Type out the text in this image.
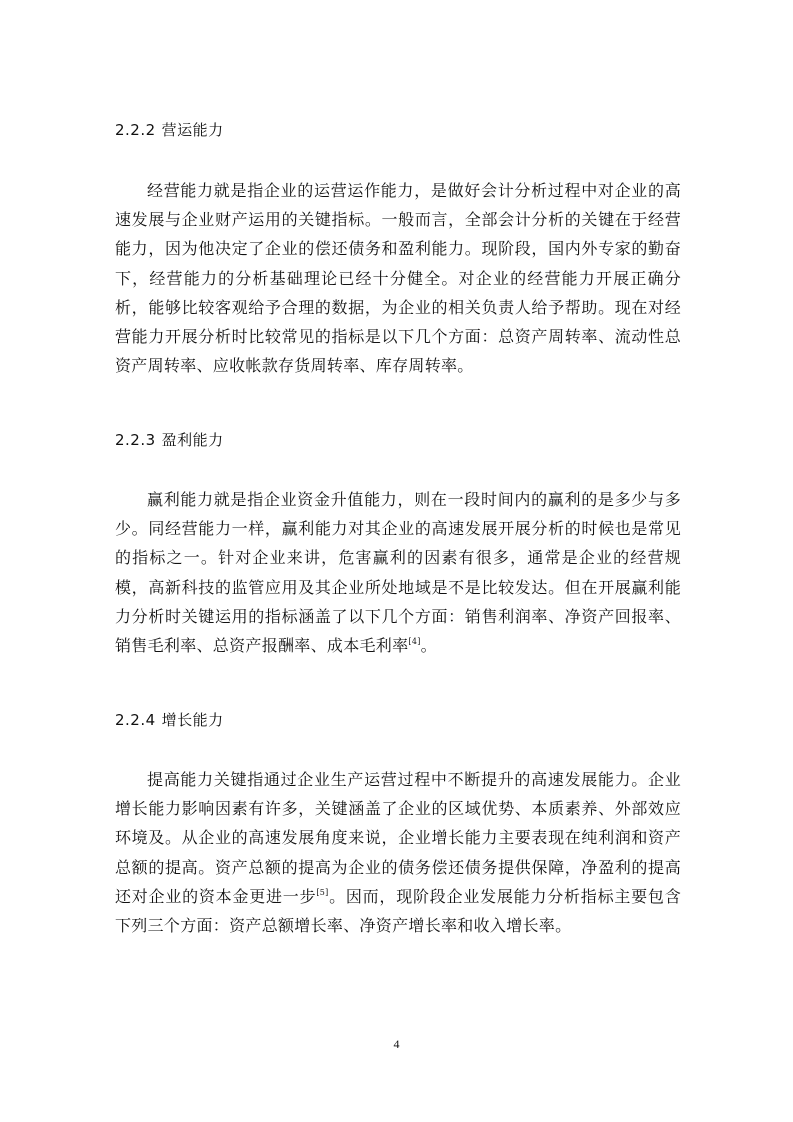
2.2.2 营运能力

经营能力就是指企业的运营运作能力，是做好会计分析过程中对企业的高速发展与企业财产运用的关键指标。一般而言，全部会计分析的关键在于经营能力，因为他决定了企业的偿还债务和盈利能力。现阶段，国内外专家的勤奋下，经营能力的分析基础理论已经十分健全。对企业的经营能力开展正确分析，能够比较客观给予合理的数据，为企业的相关负责人给予帮助。现在对经营能力开展分析时比较常见的指标是以下几个方面：总资产周转率、流动性总资产周转率、应收帐款存货周转率、库存周转率。

2.2.3 盈利能力

赢利能力就是指企业资金升值能力，则在一段时间内的赢利的是多少与多少。同经营能力一样，赢利能力对其企业的高速发展开展分析的时候也是常见的指标之一。针对企业来讲，危害赢利的因素有很多，通常是企业的经营规模，高新科技的监管应用及其企业所处地域是不是比较发达。但在开展赢利能力分析时关键运用的指标涵盖了以下几个方面：销售利润率、净资产回报率、销售毛利率、总资产报酬率、成本毛利率[4]。

2.2.4 增长能力

提高能力关键指通过企业生产运营过程中不断提升的高速发展能力。企业增长能力影响因素有许多，关键涵盖了企业的区域优势、本质素养、外部效应环境及。从企业的高速发展角度来说，企业增长能力主要表现在纯利润和资产总额的提高。资产总额的提高为企业的债务偿还债务提供保障，净盈利的提高还对企业的资本金更进一步[5]。因而，现阶段企业发展能力分析指标主要包含下列三个方面：资产总额增长率、净资产增长率和收入增长率。

4
